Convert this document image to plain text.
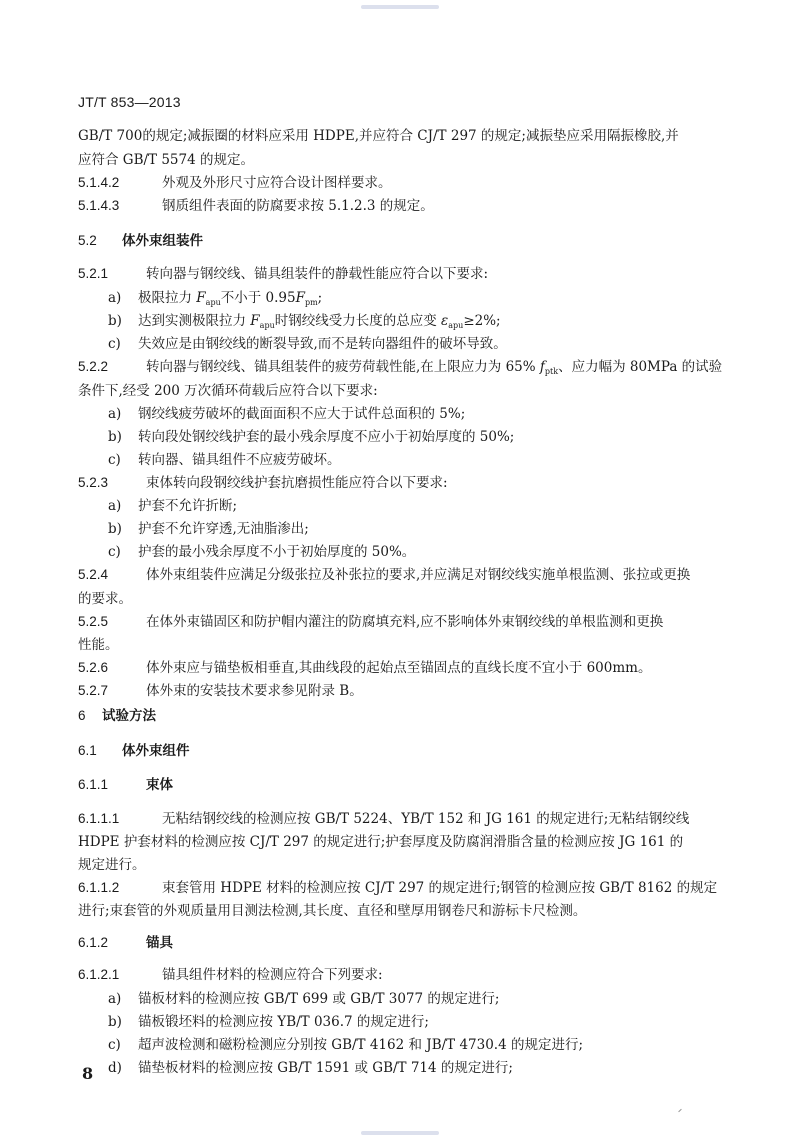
JT/T 853—2013
GB/T 700的规定;减振圈的材料应采用 HDPE,并应符合 CJ/T 297 的规定;减振垫应采用隔振橡胶,并
应符合 GB/T 5574 的规定。
5.1.4.2	外观及外形尺寸应符合设计图样要求。
5.1.4.3	钢质组件表面的防腐要求按 5.1.2.3 的规定。
5.2 体外束组装件
5.2.1	转向器与钢绞线、锚具组装件的静载性能应符合以下要求:
a) 极限拉力 $F_{apu}$不小于 $0.95F_{pm}$;
b) 达到实测极限拉力 $F_{apu}$时钢绞线受力长度的总应变 $\varepsilon_{apu}\ge 2\%$;
c) 失效应是由钢绞线的断裂导致,而不是转向器组件的破坏导致。
5.2.2	转向器与钢绞线、锚具组装件的疲劳荷载性能,在上限应力为 65% $f_{ptk}$、应力幅为 80MPa 的试验
条件下,经受 200 万次循环荷载后应符合以下要求:
a) 钢绞线疲劳破坏的截面面积不应大于试件总面积的 5%;
b) 转向段处钢绞线护套的最小残余厚度不应小于初始厚度的 50%;
c) 转向器、锚具组件不应疲劳破坏。
5.2.3	束体转向段钢绞线护套抗磨损性能应符合以下要求:
a) 护套不允许折断;
b) 护套不允许穿透,无油脂渗出;
c) 护套的最小残余厚度不小于初始厚度的 50%。
5.2.4	体外束组装件应满足分级张拉及补张拉的要求,并应满足对钢绞线实施单根监测、张拉或更换
的要求。
5.2.5	在体外束锚固区和防护帽内灌注的防腐填充料,应不影响体外束钢绞线的单根监测和更换
性能。
5.2.6	体外束应与锚垫板相垂直,其曲线段的起始点至锚固点的直线长度不宜小于 600mm。
5.2.7	体外束的安装技术要求参见附录 B。
6 试验方法
6.1 体外束组件
6.1.1	束体
6.1.1.1	无粘结钢绞线的检测应按 GB/T 5224、YB/T 152 和 JG 161 的规定进行;无粘结钢绞线
HDPE 护套材料的检测应按 CJ/T 297 的规定进行;护套厚度及防腐润滑脂含量的检测应按 JG 161 的
规定进行。
6.1.1.2	束套管用 HDPE 材料的检测应按 CJ/T 297 的规定进行;钢管的检测应按 GB/T 8162 的规定
进行;束套管的外观质量用目测法检测,其长度、直径和壁厚用钢卷尺和游标卡尺检测。
6.1.2	锚具
6.1.2.1	锚具组件材料的检测应符合下列要求:
a) 锚板材料的检测应按 GB/T 699 或 GB/T 3077 的规定进行;
b) 锚板锻坯料的检测应按 YB/T 036.7 的规定进行;
c) 超声波检测和磁粉检测应分别按 GB/T 4162 和 JB/T 4730.4 的规定进行;
d) 锚垫板材料的检测应按 GB/T 1591 或 GB/T 714 的规定进行;
8
